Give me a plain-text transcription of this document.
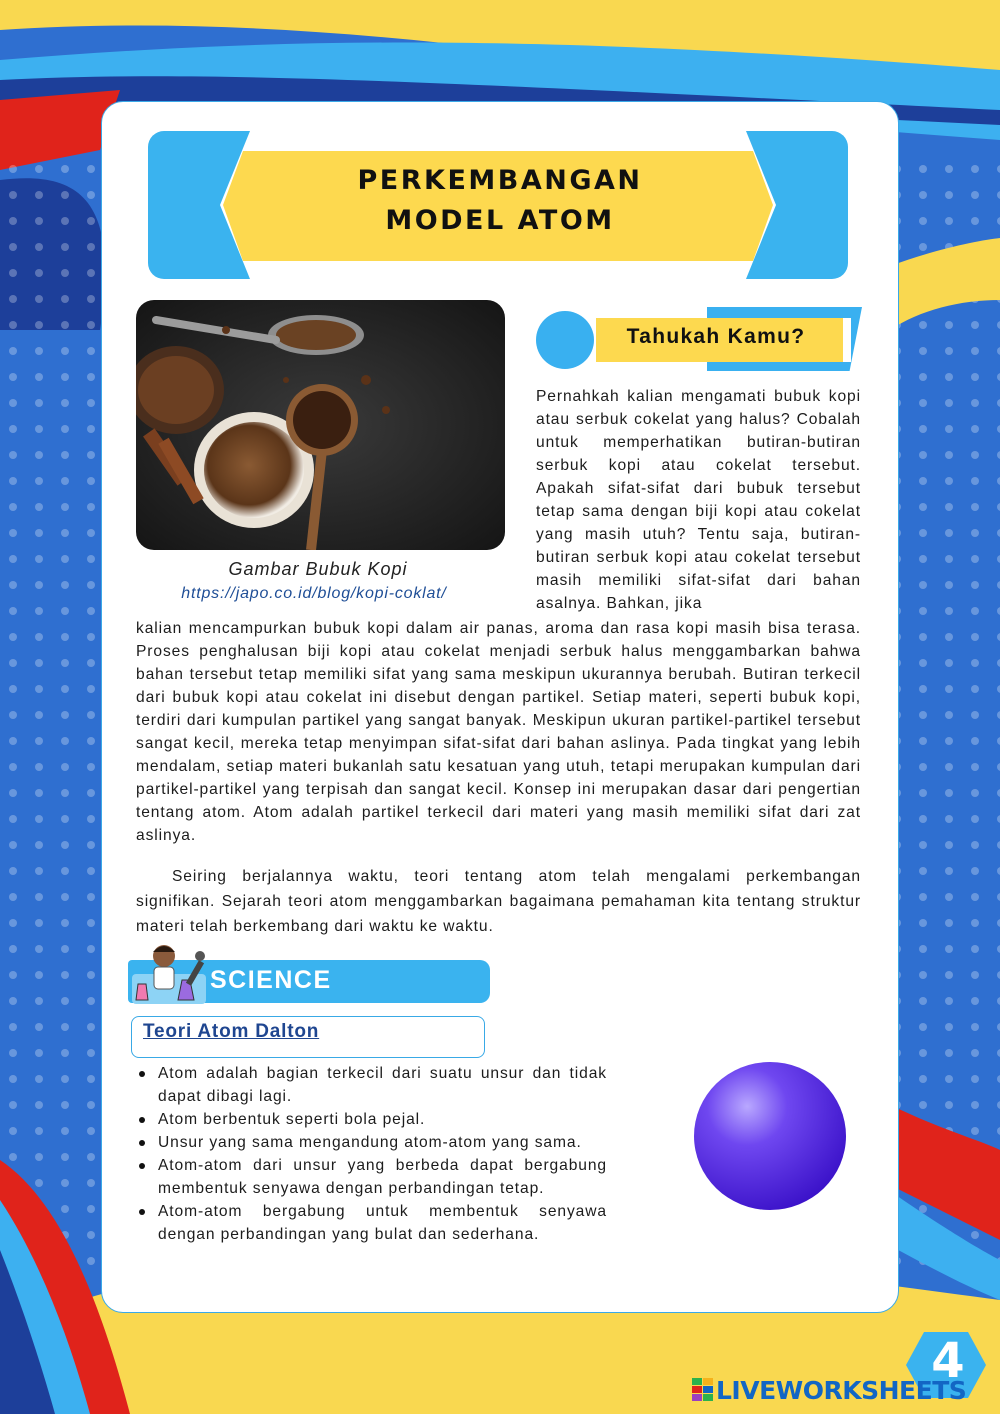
PERKEMBANGAN
MODEL ATOM
Gambar Bubuk Kopi
https://japo.co.id/blog/kopi-coklat/
Tahukah Kamu?

Pernahkah kalian mengamati bubuk kopi atau serbuk cokelat yang halus? Cobalah untuk memperhatikan butiran-butiran serbuk kopi atau cokelat tersebut. Apakah sifat-sifat dari bubuk tersebut tetap sama dengan biji kopi atau cokelat yang masih utuh? Tentu saja, butiran-butiran serbuk kopi atau cokelat tersebut masih memiliki sifat-sifat dari bahan asalnya. Bahkan, jika

kalian mencampurkan bubuk kopi dalam air panas, aroma dan rasa kopi masih bisa terasa. Proses penghalusan biji kopi atau cokelat menjadi serbuk halus menggambarkan bahwa bahan tersebut tetap memiliki sifat yang sama meskipun ukurannya berubah. Butiran terkecil dari bubuk kopi atau cokelat ini disebut dengan partikel. Setiap materi, seperti bubuk kopi, terdiri dari kumpulan partikel yang sangat banyak. Meskipun ukuran partikel-partikel tersebut sangat kecil, mereka tetap menyimpan sifat-sifat dari bahan aslinya. Pada tingkat yang lebih mendalam, setiap materi bukanlah satu kesatuan yang utuh, tetapi merupakan kumpulan dari partikel-partikel yang terpisah dan sangat kecil. Konsep ini merupakan dasar dari pengertian tentang atom. Atom adalah partikel terkecil dari materi yang masih memiliki sifat dari zat aslinya.

Seiring berjalannya waktu, teori tentang atom telah mengalami perkembangan signifikan. Sejarah teori atom menggambarkan bagaimana pemahaman kita tentang struktur materi telah berkembang dari waktu ke waktu.

SCIENCE
Teori Atom Dalton
Atom adalah bagian terkecil dari suatu unsur dan tidak dapat dibagi lagi.
Atom berbentuk seperti bola pejal.
Unsur yang sama mengandung atom-atom yang sama.
Atom-atom dari unsur yang berbeda dapat bergabung membentuk senyawa dengan perbandingan tetap.
Atom-atom bergabung untuk membentuk senyawa dengan perbandingan yang bulat dan sederhana.
4
LIVEWORKSHEETS
